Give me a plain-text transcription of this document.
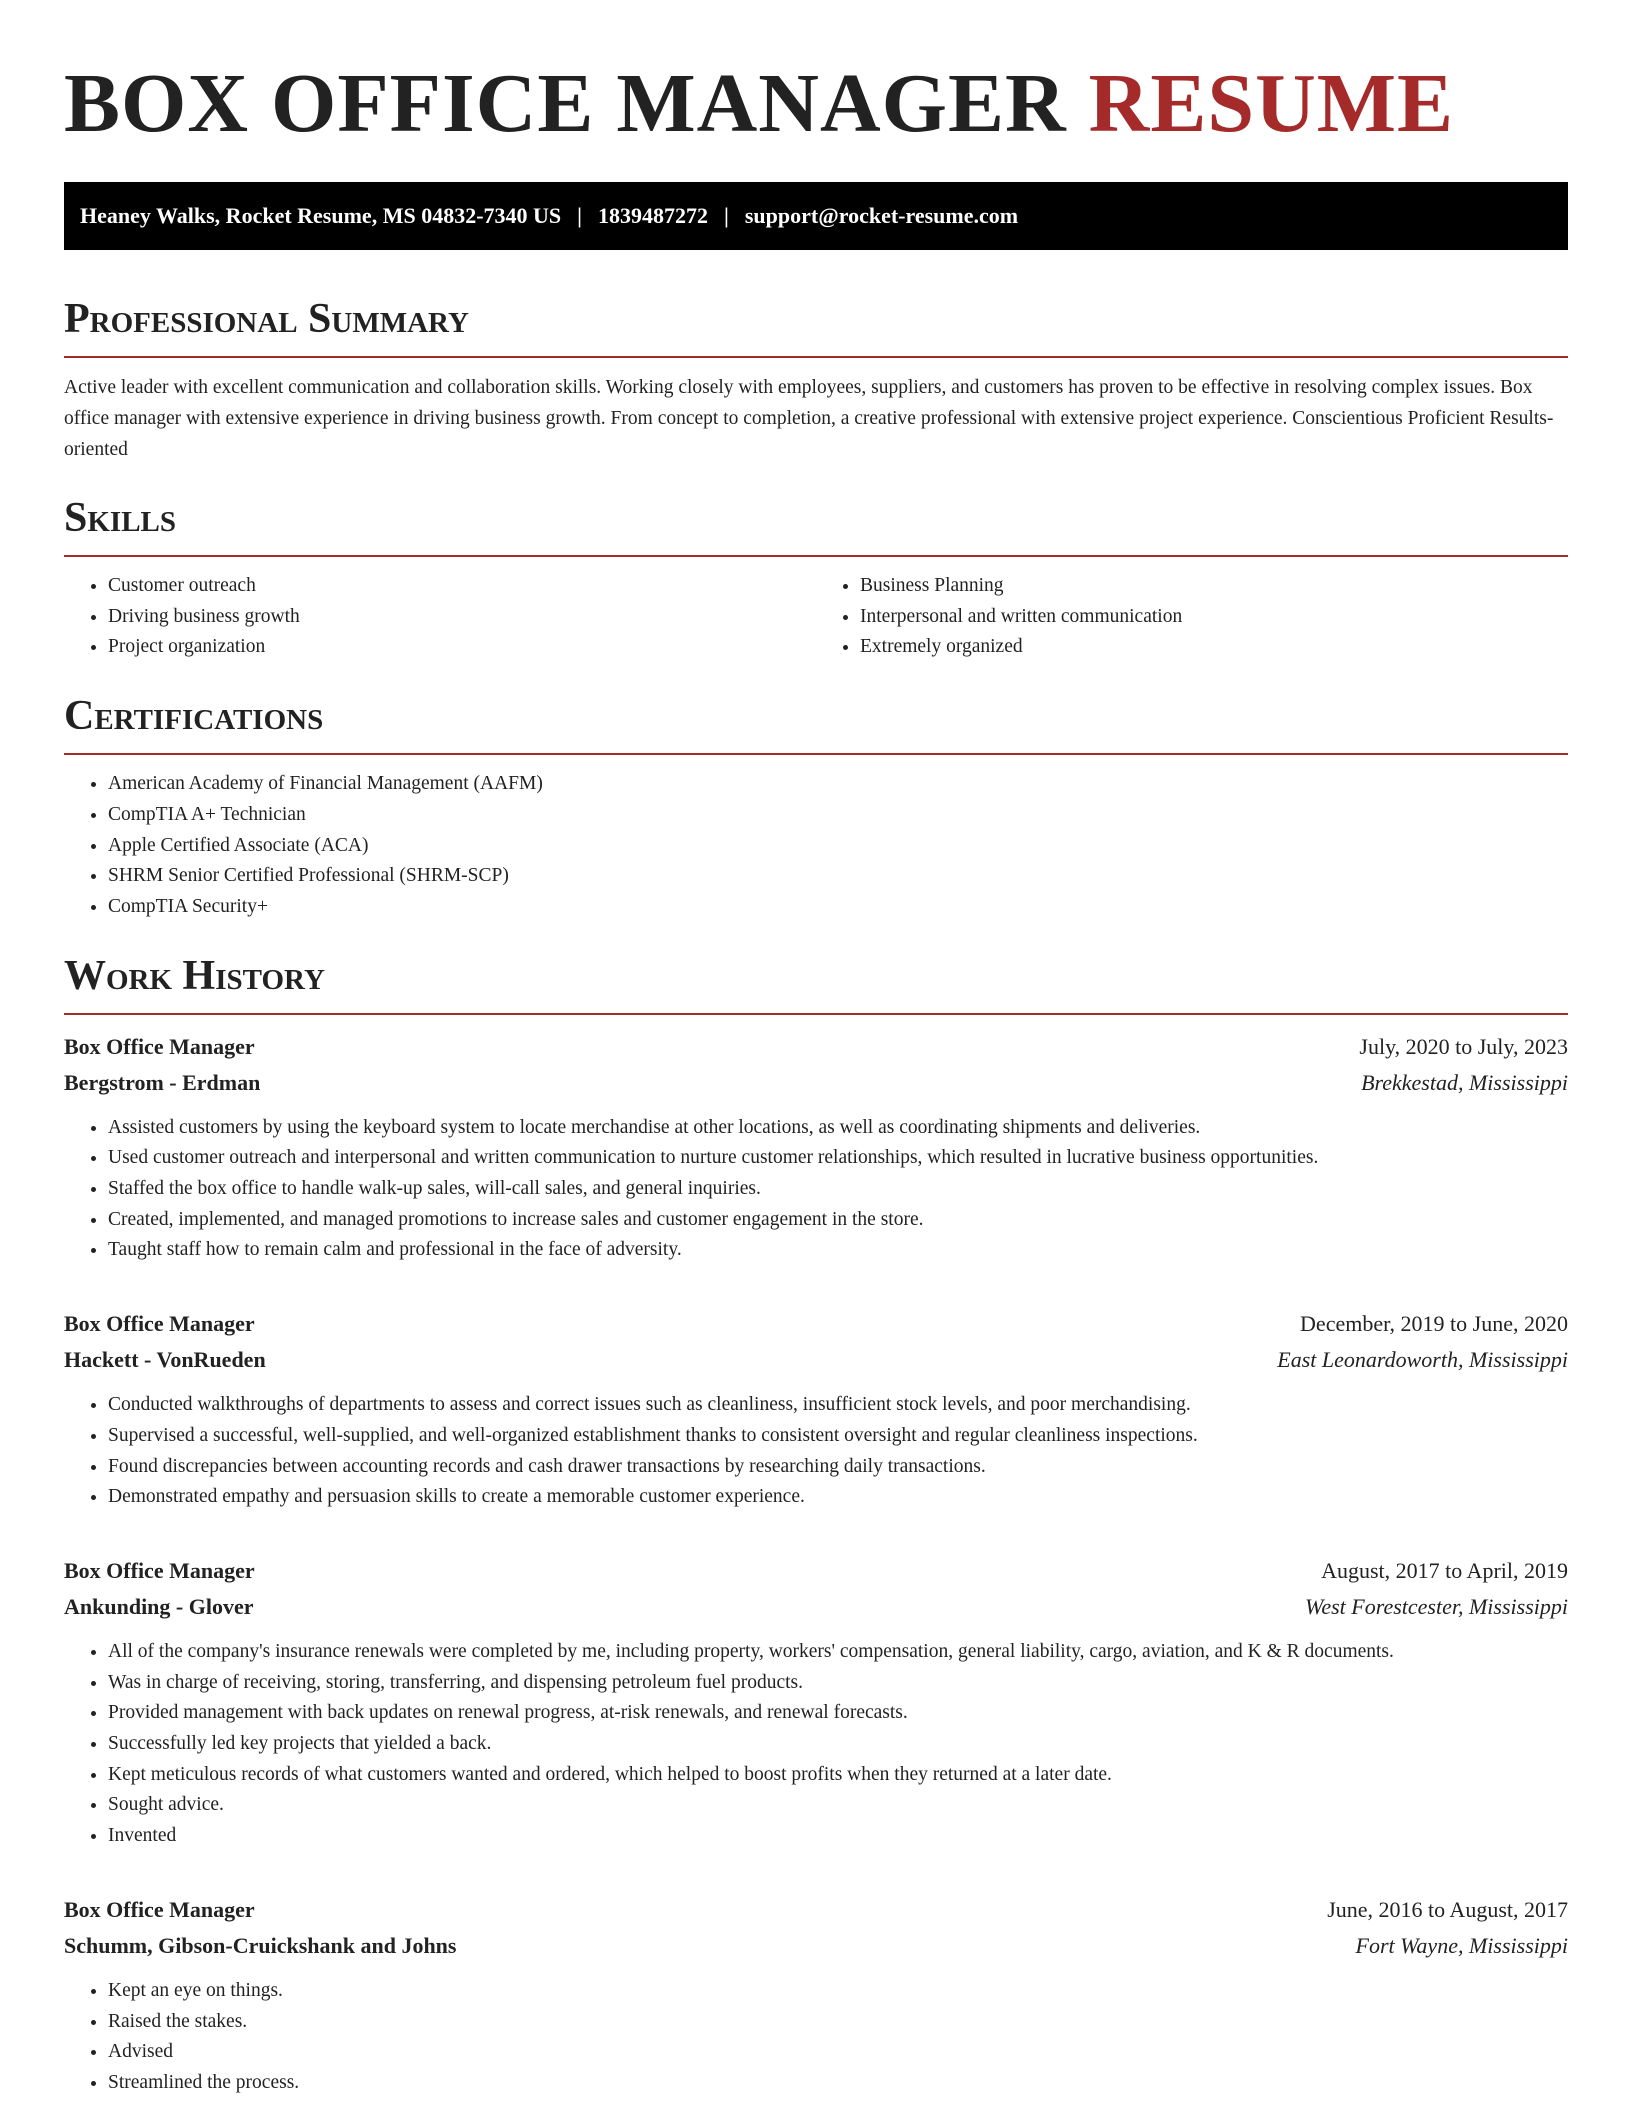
BOX OFFICE MANAGER RESUME
Heaney Walks, Rocket Resume, MS 04832-7340 US | 1839487272 | support@rocket-resume.com
Professional Summary

Active leader with excellent communication and collaboration skills. Working closely with employees, suppliers, and customers has proven to be effective in resolving complex issues. Box office manager with extensive experience in driving business growth. From concept to completion, a creative professional with extensive project experience. Conscientious Proficient Results-oriented

Skills
• Customer outreach
• Driving business growth
• Project organization
• Business Planning
• Interpersonal and written communication
• Extremely organized
Certifications
• American Academy of Financial Management (AAFM)
• CompTIA A+ Technician
• Apple Certified Associate (ACA)
• SHRM Senior Certified Professional (SHRM-SCP)
• CompTIA Security+
Work History
Box Office Manager	July, 2020 to July, 2023
Bergstrom - Erdman	Brekkestad, Mississippi
• Assisted customers by using the keyboard system to locate merchandise at other locations, as well as coordinating shipments and deliveries.
• Used customer outreach and interpersonal and written communication to nurture customer relationships, which resulted in lucrative business opportunities.
• Staffed the box office to handle walk-up sales, will-call sales, and general inquiries.
• Created, implemented, and managed promotions to increase sales and customer engagement in the store.
• Taught staff how to remain calm and professional in the face of adversity.
Box Office Manager	December, 2019 to June, 2020
Hackett - VonRueden	East Leonardoworth, Mississippi
• Conducted walkthroughs of departments to assess and correct issues such as cleanliness, insufficient stock levels, and poor merchandising.
• Supervised a successful, well-supplied, and well-organized establishment thanks to consistent oversight and regular cleanliness inspections.
• Found discrepancies between accounting records and cash drawer transactions by researching daily transactions.
• Demonstrated empathy and persuasion skills to create a memorable customer experience.
Box Office Manager	August, 2017 to April, 2019
Ankunding - Glover	West Forestcester, Mississippi
• All of the company's insurance renewals were completed by me, including property, workers' compensation, general liability, cargo, aviation, and K & R documents.
• Was in charge of receiving, storing, transferring, and dispensing petroleum fuel products.
• Provided management with back updates on renewal progress, at-risk renewals, and renewal forecasts.
• Successfully led key projects that yielded a back.
• Kept meticulous records of what customers wanted and ordered, which helped to boost profits when they returned at a later date.
• Sought advice.
• Invented
Box Office Manager	June, 2016 to August, 2017
Schumm, Gibson-Cruickshank and Johns	Fort Wayne, Mississippi
• Kept an eye on things.
• Raised the stakes.
• Advised
• Streamlined the process.
